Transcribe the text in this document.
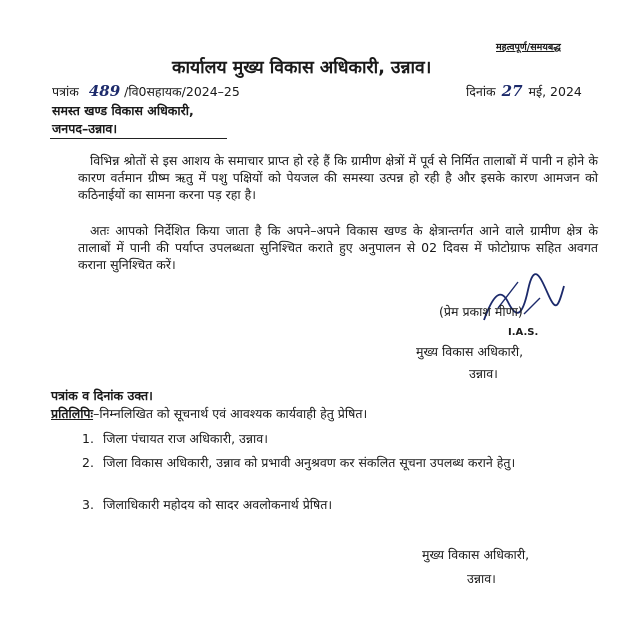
महत्वपूर्ण/समयबद्ध
कार्यालय मुख्य विकास अधिकारी, उन्नाव।
पत्रांक 489 /वि0सहायक/2024–25	दिनांक 27 मई, 2024
समस्त खण्ड विकास अधिकारी,
जनपद–उन्नाव।
विभिन्न श्रोतों से इस आशय के समाचार प्राप्त हो रहे हैं कि ग्रामीण क्षेत्रों में पूर्व से निर्मित तालाबों में पानी न होने के कारण वर्तमान ग्रीष्म ऋतु में पशु पक्षियों को पेयजल की समस्या उत्पन्न हो रही है और इसके कारण आमजन को कठिनाईयों का सामना करना पड़ रहा है।
अतः आपको निर्देशित किया जाता है कि अपने–अपने विकास खण्ड के क्षेत्रान्तर्गत आने वाले ग्रामीण क्षेत्र के तालाबों में पानी की पर्याप्त उपलब्धता सुनिश्चित कराते हुए अनुपालन से 02 दिवस में फोटोग्राफ सहित अवगत कराना सुनिश्चित करें।
(प्रेम प्रकाश मीणा)
I.A.S.
मुख्य विकास अधिकारी,
उन्नाव।
पत्रांक व दिनांक उक्त।
प्रतिलिपिः–निम्नलिखित को सूचनार्थ एवं आवश्यक कार्यवाही हेतु प्रेषित।
1. जिला पंचायत राज अधिकारी, उन्नाव।
2. जिला विकास अधिकारी, उन्नाव को प्रभावी अनुश्रवण कर संकलित सूचना उपलब्ध कराने हेतु।
3. जिलाधिकारी महोदय को सादर अवलोकनार्थ प्रेषित।
मुख्य विकास अधिकारी,
उन्नाव।
